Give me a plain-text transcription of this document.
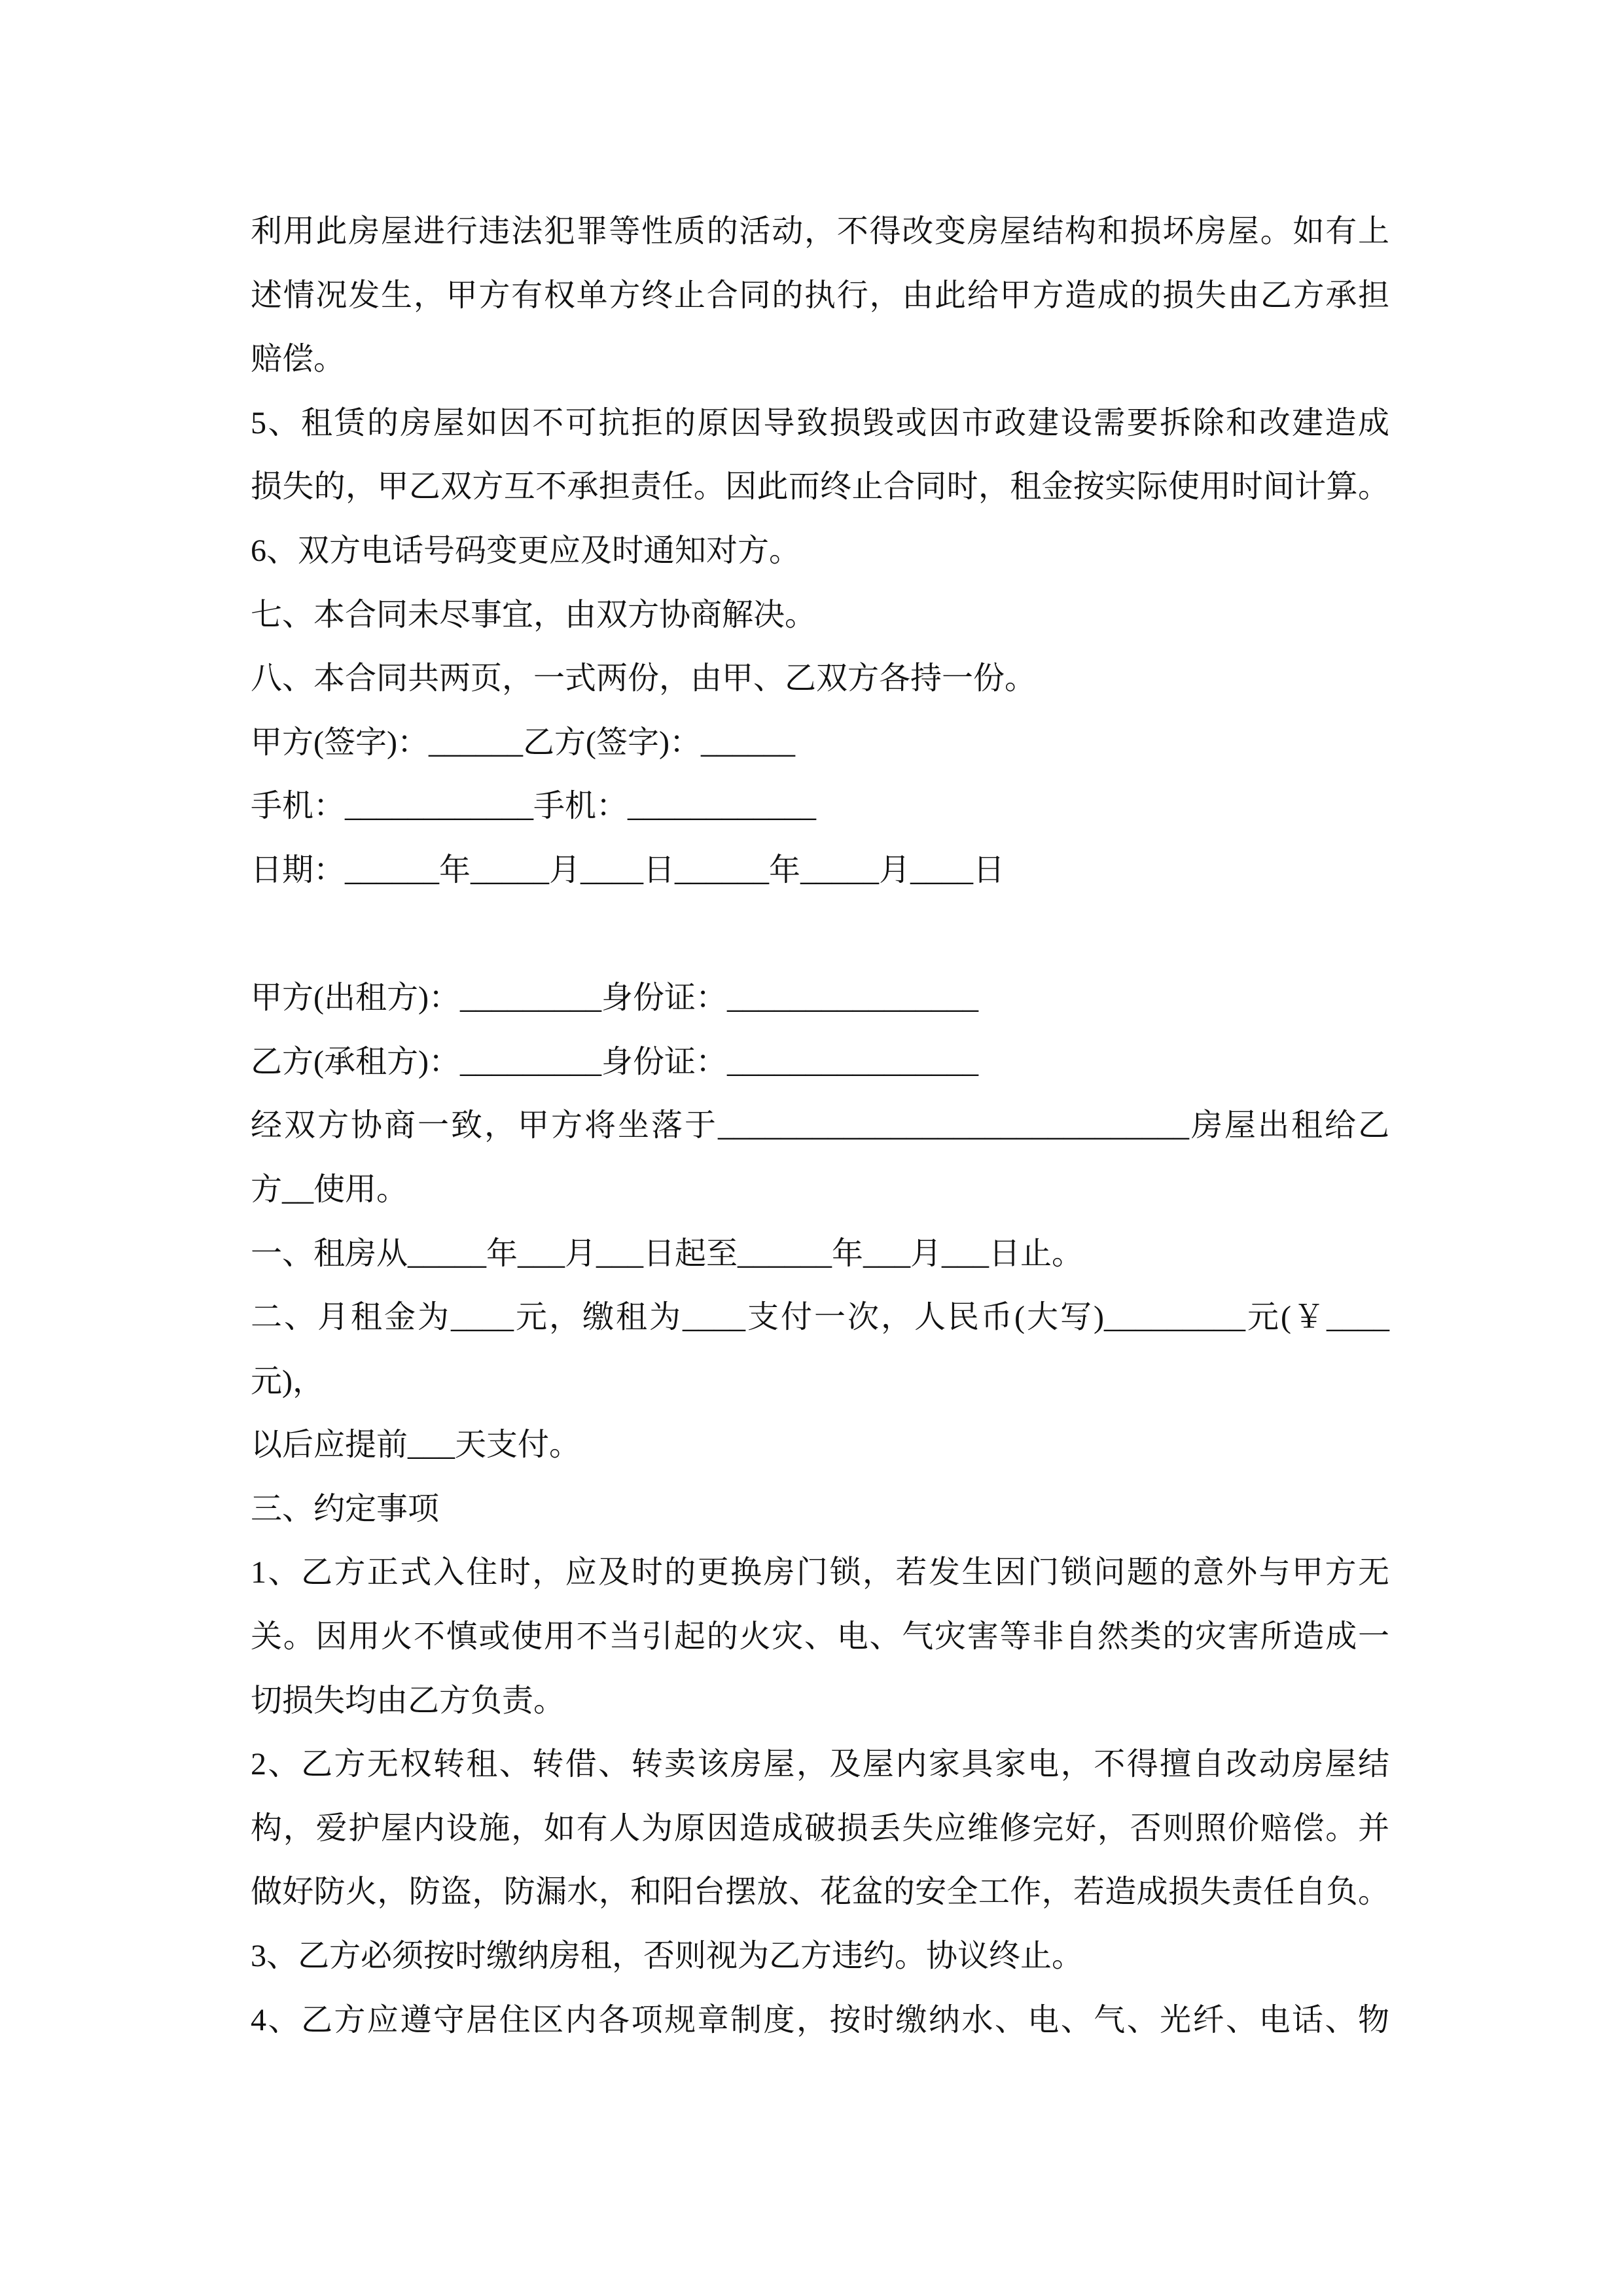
利用此房屋进行违法犯罪等性质的活动，不得改变房屋结构和损坏房屋。如有上
述情况发生，甲方有权单方终止合同的执行，由此给甲方造成的损失由乙方承担
赔偿。
5、租赁的房屋如因不可抗拒的原因导致损毁或因市政建设需要拆除和改建造成
损失的，甲乙双方互不承担责任。因此而终止合同时，租金按实际使用时间计算。
6、双方电话号码变更应及时通知对方。
七、本合同未尽事宜，由双方协商解决。
八、本合同共两页，一式两份，由甲、乙双方各持一份。
甲方(签字)：______乙方(签字)：______
手机：____________手机：____________
日期：______年_____月____日______年_____月____日
甲方(出租方)：_________身份证：________________
乙方(承租方)：_________身份证：________________
经双方协商一致，甲方将坐落于______________________________房屋出租给乙
方__使用。
一、租房从_____年___月___日起至______年___月___日止。
二、月租金为____元，缴租为____支付一次，人民币(大写)_________元(￥____
元)，
以后应提前___天支付。
三、约定事项
1、乙方正式入住时，应及时的更换房门锁，若发生因门锁问题的意外与甲方无
关。因用火不慎或使用不当引起的火灾、电、气灾害等非自然类的灾害所造成一
切损失均由乙方负责。
2、乙方无权转租、转借、转卖该房屋，及屋内家具家电，不得擅自改动房屋结
构，爱护屋内设施，如有人为原因造成破损丢失应维修完好，否则照价赔偿。并
做好防火，防盗，防漏水，和阳台摆放、花盆的安全工作，若造成损失责任自负。
3、乙方必须按时缴纳房租，否则视为乙方违约。协议终止。
4、乙方应遵守居住区内各项规章制度，按时缴纳水、电、气、光纤、电话、物
